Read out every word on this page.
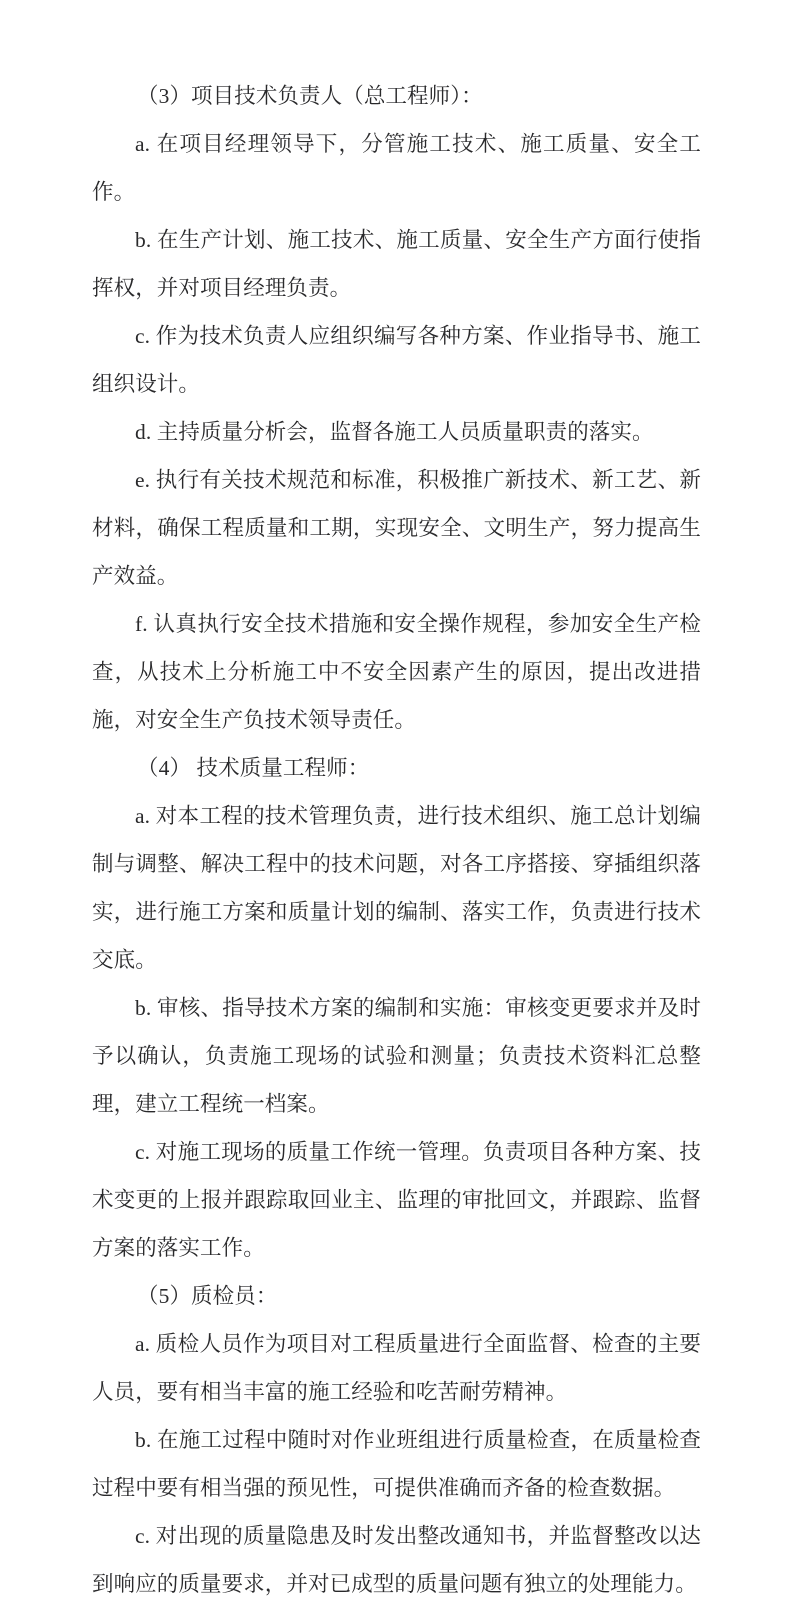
（3）项目技术负责人（总工程师）：

a. 在项目经理领导下，分管施工技术、施工质量、安全工作。

b. 在生产计划、施工技术、施工质量、安全生产方面行使指挥权，并对项目经理负责。

c. 作为技术负责人应组织编写各种方案、作业指导书、施工组织设计。

d. 主持质量分析会，监督各施工人员质量职责的落实。

e. 执行有关技术规范和标准，积极推广新技术、新工艺、新材料，确保工程质量和工期，实现安全、文明生产，努力提高生产效益。

f. 认真执行安全技术措施和安全操作规程，参加安全生产检查，从技术上分析施工中不安全因素产生的原因，提出改进措施，对安全生产负技术领导责任。

（4） 技术质量工程师：

a. 对本工程的技术管理负责，进行技术组织、施工总计划编制与调整、解决工程中的技术问题，对各工序搭接、穿插组织落实，进行施工方案和质量计划的编制、落实工作，负责进行技术交底。

b. 审核、指导技术方案的编制和实施：审核变更要求并及时予以确认，负责施工现场的试验和测量；负责技术资料汇总整理，建立工程统一档案。

c. 对施工现场的质量工作统一管理。负责项目各种方案、技术变更的上报并跟踪取回业主、监理的审批回文，并跟踪、监督方案的落实工作。

（5）质检员：

a. 质检人员作为项目对工程质量进行全面监督、检查的主要人员，要有相当丰富的施工经验和吃苦耐劳精神。

b. 在施工过程中随时对作业班组进行质量检查，在质量检查过程中要有相当强的预见性，可提供准确而齐备的检查数据。

c. 对出现的质量隐患及时发出整改通知书，并监督整改以达到响应的质量要求，并对已成型的质量问题有独立的处理能力。
